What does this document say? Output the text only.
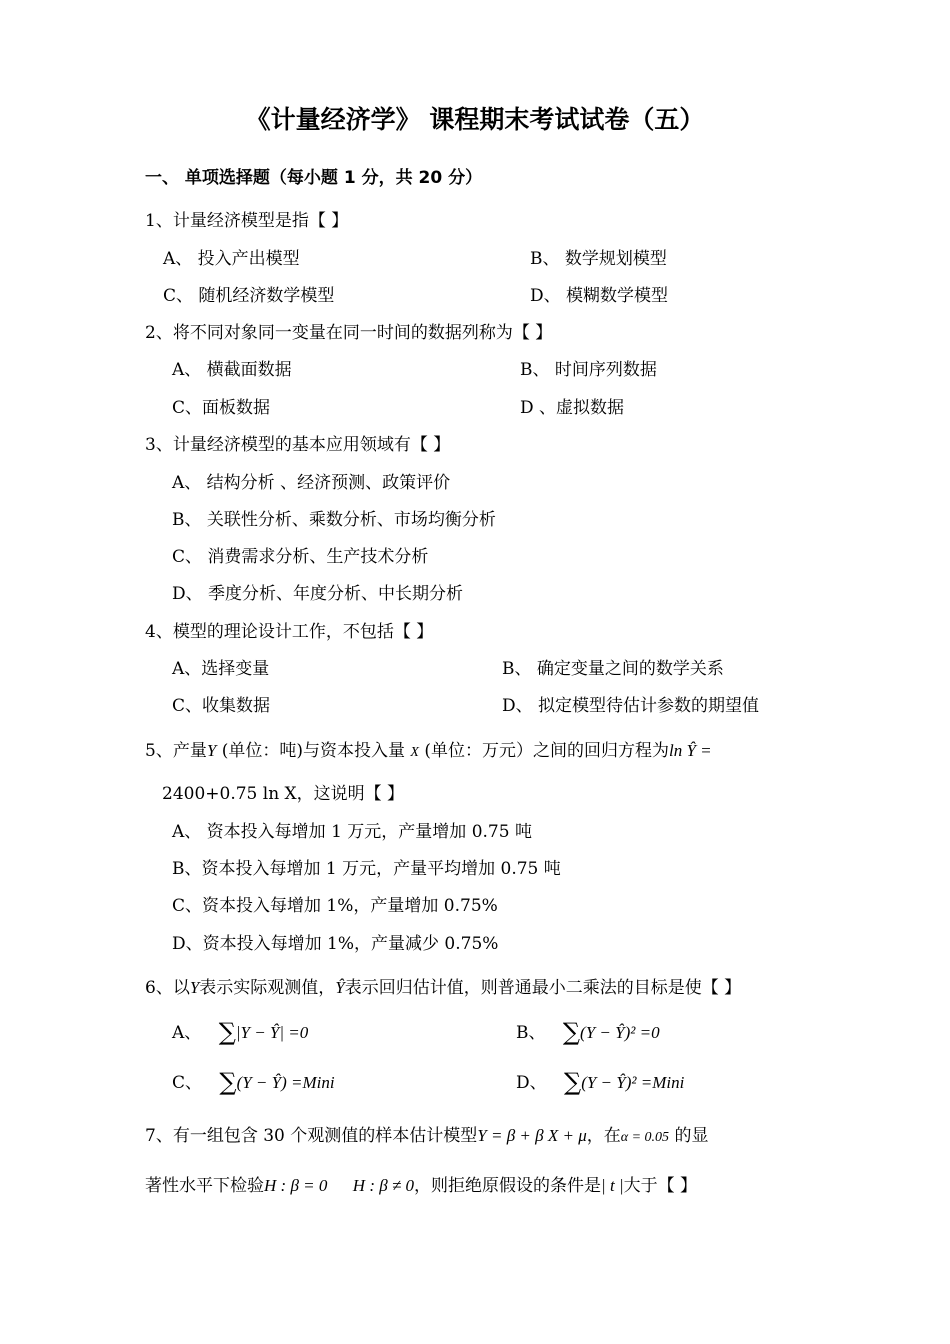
《计量经济学》 课程期末考试试卷（五）
一、 单项选择题（每小题 1 分，共 20 分）
1、计量经济模型是指【 】
A、 投入产出模型	B、 数学规划模型
C、 随机经济数学模型	D、 模糊数学模型
2、将不同对象同一变量在同一时间的数据列称为【 】
A、 横截面数据	B、 时间序列数据
C、面板数据	D 、虚拟数据
3、计量经济模型的基本应用领域有【 】
A、 结构分析 、经济预测、政策评价
B、 关联性分析、乘数分析、市场均衡分析
C、 消费需求分析、生产技术分析
D、 季度分析、年度分析、中长期分析
4、模型的理论设计工作，不包括【 】
A、选择变量	B、 确定变量之间的数学关系
C、收集数据	D、 拟定模型待估计参数的期望值
5、产量Y (单位：吨)与资本投入量 X (单位：万元）之间的回归方程为ln Ŷ =
2400+0.75 ln X，这说明【 】
A、 资本投入每增加 1 万元，产量增加 0.75 吨
B、资本投入每增加 1 万元，产量平均增加 0.75 吨
C、资本投入每增加 1%，产量增加 0.75%
D、资本投入每增加 1%，产量减少 0.75%
6、以Y表示实际观测值，Ŷ表示回归估计值，则普通最小二乘法的目标是使【 】
A、 ∑|Y − Ŷ| =0	B、 ∑(Y − Ŷ)² =0
C、 ∑(Y − Ŷ) =Mini	D、 ∑(Y − Ŷ)² =Mini
7、有一组包含 30 个观测值的样本估计模型Y = β + β X + μ，在α = 0.05 的显
著性水平下检验H : β = 0 H : β ≠ 0，则拒绝原假设的条件是| t |大于【 】
